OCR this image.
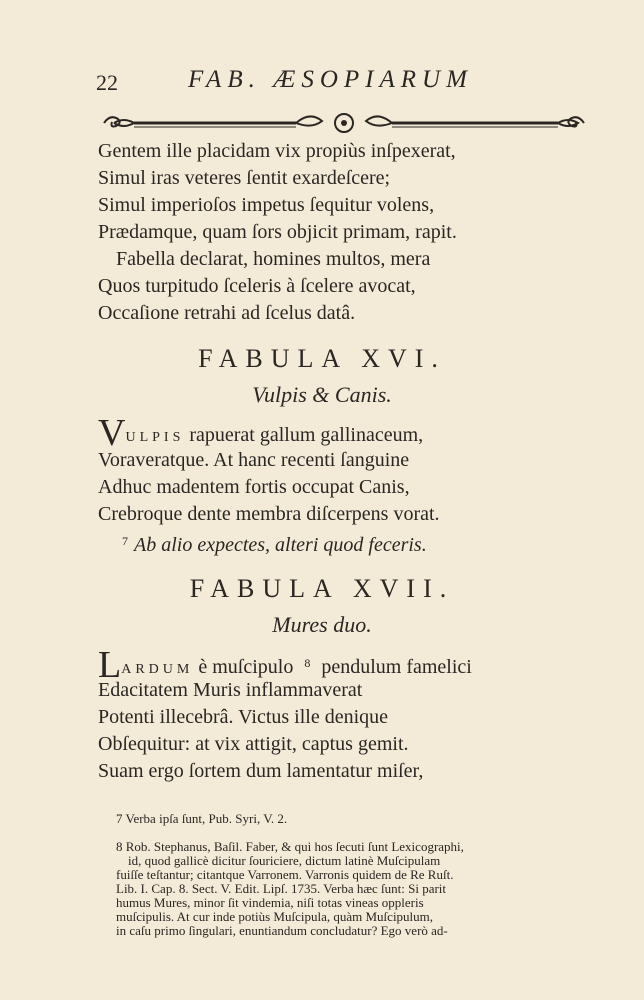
22	FAB. ÆSOPIARUM
Gentem ille placidam vix propiùs inſpexerat,
Simul iras veteres ſentit exardeſcere;
Simul imperioſos impetus ſequitur volens,
Prædamque, quam ſors objicit primam, rapit.
Fabella declarat, homines multos, mera
Quos turpitudo ſceleris à ſcelere avocat,
Occaſione retrahi ad ſcelus datâ.
FABULA XVI.
Vulpis & Canis.
VULPIS rapuerat gallum gallinaceum,
Voraveratque. At hanc recenti ſanguine
Adhuc madentem fortis occupat Canis,
Crebroque dente membra diſcerpens vorat.
$^7$ Ab alio expectes, alteri quod feceris.
FABULA XVII.
Mures duo.
LARDUM è muſcipulo $^8$ pendulum famelici
Edacitatem Muris inflammaverat
Potenti illecebrâ. Victus ille denique
Obſequitur: at vix attigit, captus gemit.
Suam ergo ſortem dum lamentatur miſer,

7 Verba ipſa ſunt, Pub. Syri, V. 2.

8 Rob. Stephanus, Baſil. Faber, & qui hos ſecuti ſunt Lexicographi,

id, quod gallicè dicitur ſouriciere, dictum latinè Muſcipulam

fuiſſe teſtantur; citantque Varronem. Varronis quidem de Re Ruſt.

Lib. I. Cap. 8. Sect. V. Edit. Lipſ. 1735. Verba hæc ſunt: Si parit

humus Mures, minor ſit vindemia, niſi totas vineas oppleris

muſcipulis. At cur inde potiùs Muſcipula, quàm Muſcipulum,

in caſu primo ſingulari, enuntiandum concludatur? Ego verò ad-
